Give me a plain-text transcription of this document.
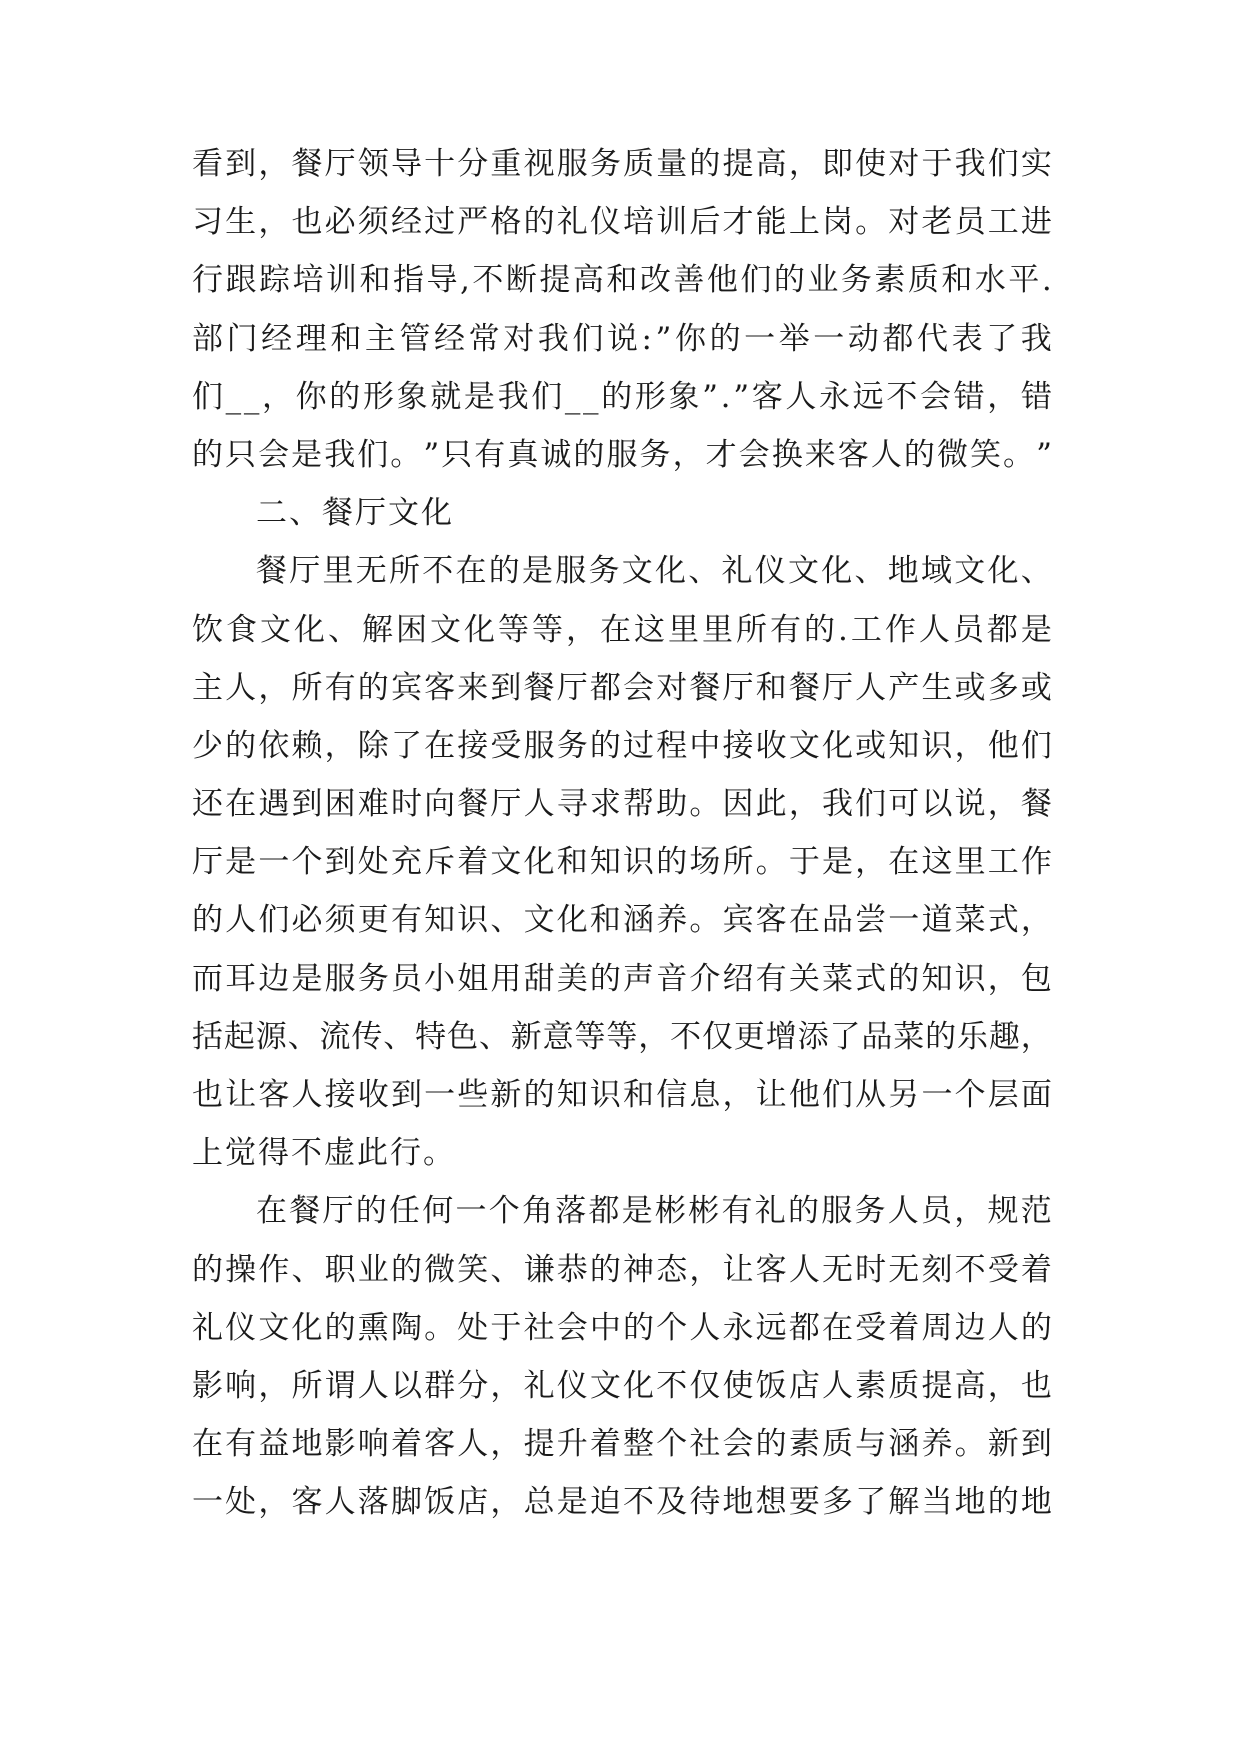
看 到 ， 餐 厅 领 导 十 分 重 视 服 务 质 量 的 提 高 ， 即 使 对 于 我 们 实
习 生 ， 也 必 须 经 过 严 格 的 礼 仪 培 训 后 才 能 上 岗 。 对 老 员 工 进
行 跟 踪 培 训 和 指 导 , 不 断 提 高 和 改 善 他 们 的 业 务 素 质 和 水 平 .
部 门 经 理 和 主 管 经 常 对 我 们 说 : ” 你 的 一 举 一 动 都 代 表 了 我
们 _ _ ， 你 的 形 象 就 是 我 们 _ _ 的 形 象 ” . ” 客 人 永 远 不 会 错 ， 错
的 只 会 是 我 们 。 ” 只 有 真 诚 的 服 务 ， 才 会 换 来 客 人 的 微 笑 。 ”
二、餐厅文化
餐 厅 里 无 所 不 在 的 是 服 务 文 化 、 礼 仪 文 化 、 地 域 文 化 、
饮 食 文 化 、 解 困 文 化 等 等 ， 在 这 里 里 所 有 的 . 工 作 人 员 都 是
主 人 ， 所 有 的 宾 客 来 到 餐 厅 都 会 对 餐 厅 和 餐 厅 人 产 生 或 多 或
少 的 依 赖 ， 除 了 在 接 受 服 务 的 过 程 中 接 收 文 化 或 知 识 ， 他 们
还 在 遇 到 困 难 时 向 餐 厅 人 寻 求 帮 助 。 因 此 ， 我 们 可 以 说 ， 餐
厅 是 一 个 到 处 充 斥 着 文 化 和 知 识 的 场 所 。 于 是 ， 在 这 里 工 作
的 人 们 必 须 更 有 知 识 、 文 化 和 涵 养 。 宾 客 在 品 尝 一 道 菜 式 ，
而 耳 边 是 服 务 员 小 姐 用 甜 美 的 声 音 介 绍 有 关 菜 式 的 知 识 ， 包
括 起 源 、 流 传 、 特 色 、 新 意 等 等 ， 不 仅 更 增 添 了 品 菜 的 乐 趣 ，
也 让 客 人 接 收 到 一 些 新 的 知 识 和 信 息 ， 让 他 们 从 另 一 个 层 面
上觉得不虚此行。
在 餐 厅 的 任 何 一 个 角 落 都 是 彬 彬 有 礼 的 服 务 人 员 ， 规 范
的 操 作 、 职 业 的 微 笑 、 谦 恭 的 神 态 ， 让 客 人 无 时 无 刻 不 受 着
礼 仪 文 化 的 熏 陶 。 处 于 社 会 中 的 个 人 永 远 都 在 受 着 周 边 人 的
影 响 ， 所 谓 人 以 群 分 ， 礼 仪 文 化 不 仅 使 饭 店 人 素 质 提 高 ， 也
在 有 益 地 影 响 着 客 人 ， 提 升 着 整 个 社 会 的 素 质 与 涵 养 。 新 到
一 处 ， 客 人 落 脚 饭 店 ， 总 是 迫 不 及 待 地 想 要 多 了 解 当 地 的 地
